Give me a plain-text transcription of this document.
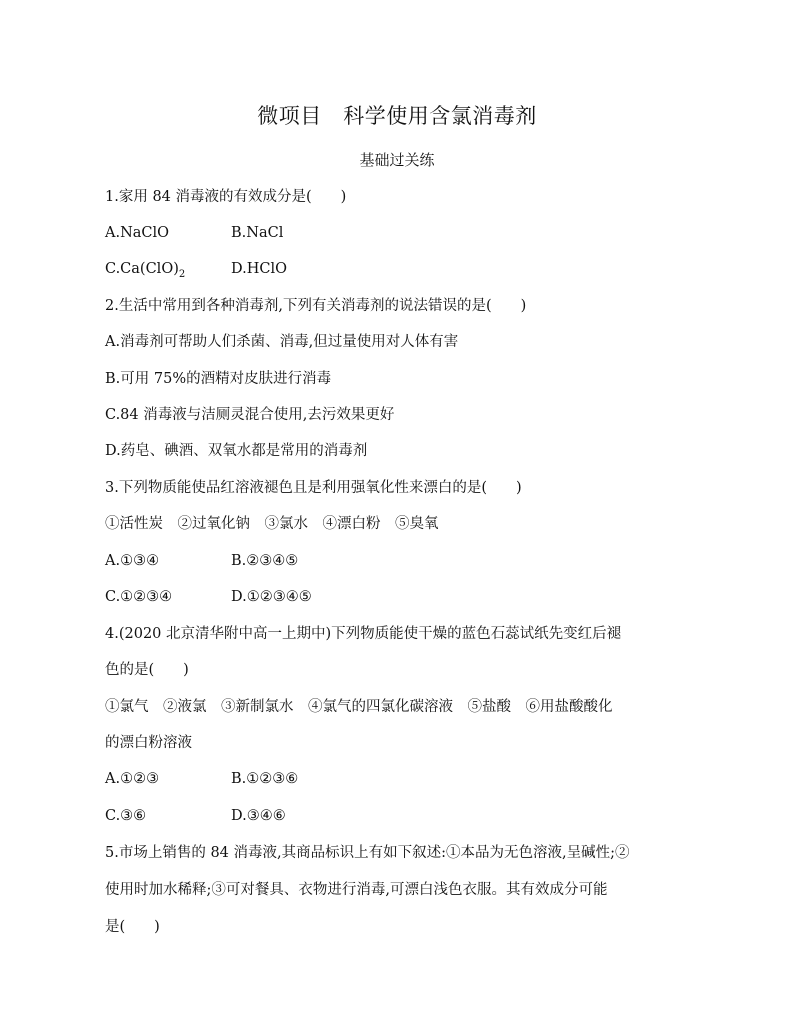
微项目　科学使用含氯消毒剂
基础过关练
1.家用 84 消毒液的有效成分是(　　)
A.NaClO	B.NaCl
$C.Ca(ClO)_2$	D.HClO
2.生活中常用到各种消毒剂,下列有关消毒剂的说法错误的是(　　)
A.消毒剂可帮助人们杀菌、消毒,但过量使用对人体有害
B.可用 75%的酒精对皮肤进行消毒
C.84 消毒液与洁厕灵混合使用,去污效果更好
D.药皂、碘酒、双氧水都是常用的消毒剂
3.下列物质能使品红溶液褪色且是利用强氧化性来漂白的是(　　)
①活性炭　②过氧化钠　③氯水　④漂白粉　⑤臭氧
A.①③④	B.②③④⑤
C.①②③④	D.①②③④⑤
4.(2020 北京清华附中高一上期中)下列物质能使干燥的蓝色石蕊试纸先变红后褪
色的是(　　)
①氯气　②液氯　③新制氯水　④氯气的四氯化碳溶液　⑤盐酸　⑥用盐酸酸化
的漂白粉溶液
A.①②③	B.①②③⑥
C.③⑥	D.③④⑥
5.市场上销售的 84 消毒液,其商品标识上有如下叙述:①本品为无色溶液,呈碱性;②
使用时加水稀释;③可对餐具、衣物进行消毒,可漂白浅色衣服。其有效成分可能
是(　　)
